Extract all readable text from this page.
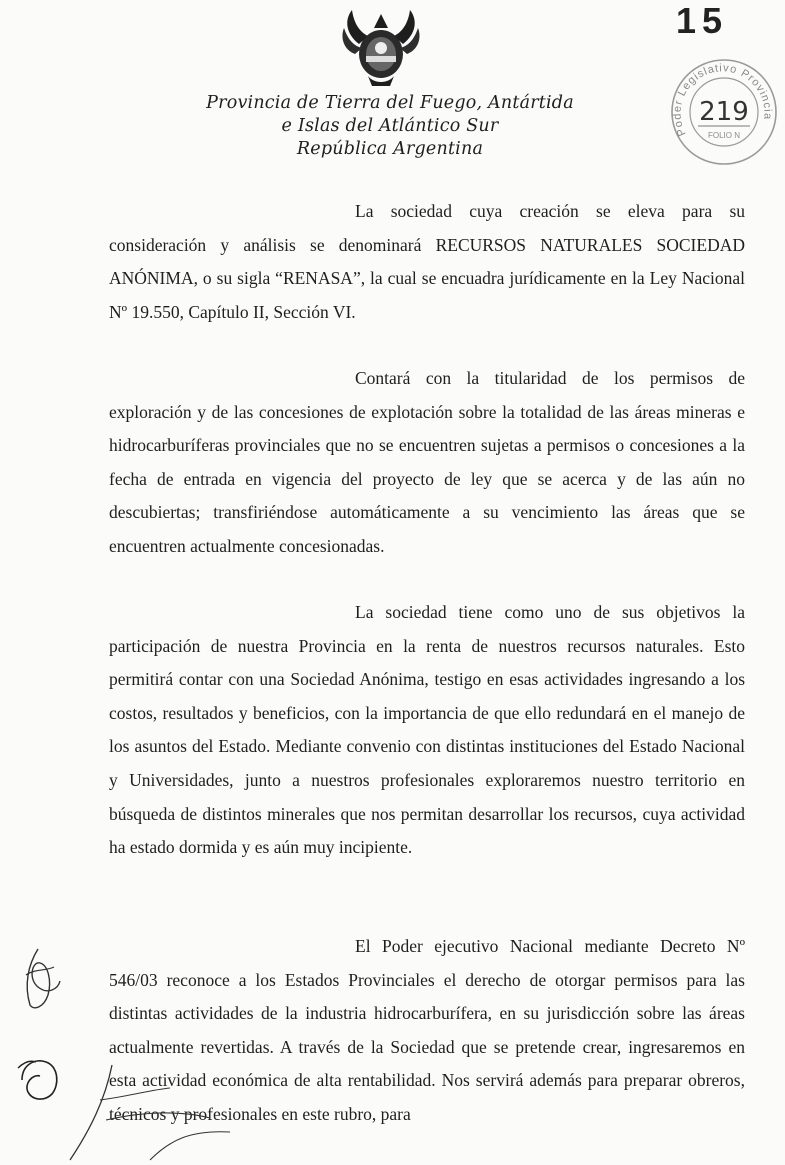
Provincia de Tierra del Fuego, Antártida
e Islas del Atlántico Sur
República Argentina
15
Poder Legislativo Provincia
219
FOLIO N
La sociedad cuya creación se eleva para su consideración y análisis se denominará RECURSOS NATURALES SOCIEDAD ANÓNIMA, o su sigla “RENASA”, la cual se encuadra jurídicamente en la Ley Nacional Nº 19.550, Capítulo II, Sección VI.
Contará con la titularidad de los permisos de exploración y de las concesiones de explotación sobre la totalidad de las áreas mineras e hidrocarburíferas provinciales que no se encuentren sujetas a permisos o concesiones a la fecha de entrada en vigencia del proyecto de ley que se acerca y de las aún no descubiertas; transfiriéndose automáticamente a su vencimiento las áreas que se encuentren actualmente concesionadas.
La sociedad tiene como uno de sus objetivos la participación de nuestra Provincia en la renta de nuestros recursos naturales. Esto permitirá contar con una Sociedad Anónima, testigo en esas actividades ingresando a los costos, resultados y beneficios, con la importancia de que ello redundará en el manejo de los asuntos del Estado. Mediante convenio con distintas instituciones del Estado Nacional y Universidades, junto a nuestros profesionales exploraremos nuestro territorio en búsqueda de distintos minerales que nos permitan desarrollar los recursos, cuya actividad ha estado dormida y es aún muy incipiente.
El Poder ejecutivo Nacional mediante Decreto Nº 546/03 reconoce a los Estados Provinciales el derecho de otorgar permisos para las distintas actividades de la industria hidrocarburífera, en su jurisdicción sobre las áreas actualmente revertidas. A través de la Sociedad que se pretende crear, ingresaremos en esta actividad económica de alta rentabilidad. Nos servirá además para preparar obreros, técnicos y profesionales en este rubro, para
